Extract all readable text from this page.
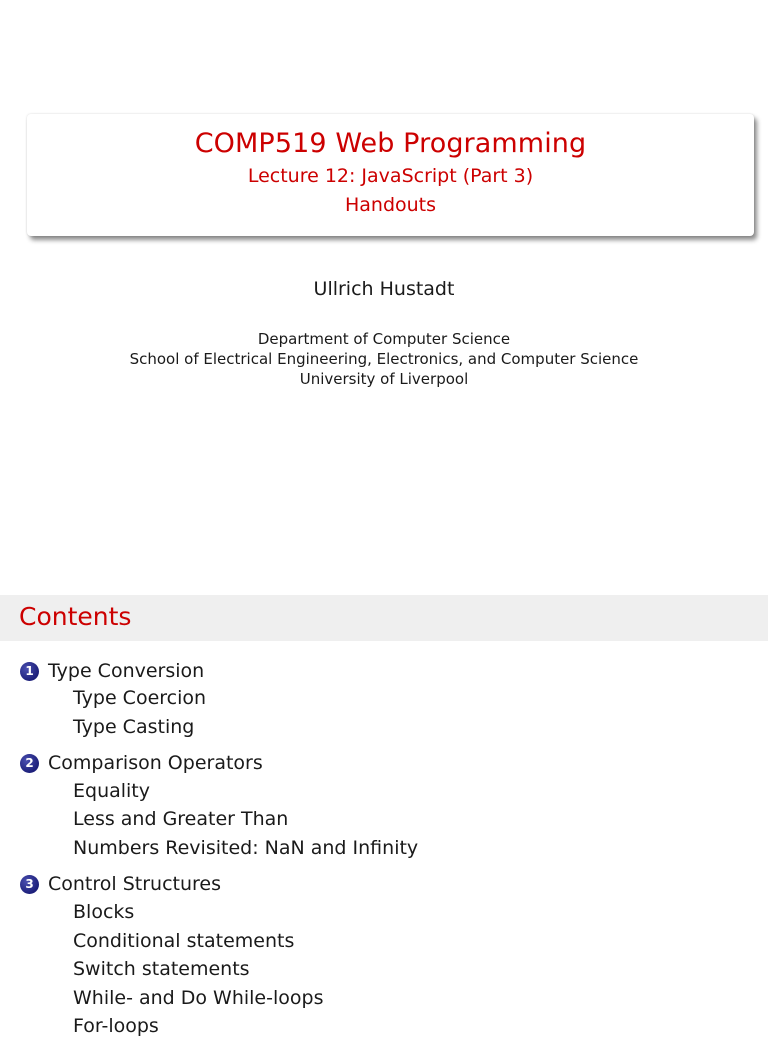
COMP519 Web Programming
Lecture 12: JavaScript (Part 3)
Handouts
Ullrich Hustadt
Department of Computer Science
School of Electrical Engineering, Electronics, and Computer Science
University of Liverpool
Contents
1 Type Conversion
Type Coercion
Type Casting
2 Comparison Operators
Equality
Less and Greater Than
Numbers Revisited: NaN and Infinity
3 Control Structures
Blocks
Conditional statements
Switch statements
While- and Do While-loops
For-loops
